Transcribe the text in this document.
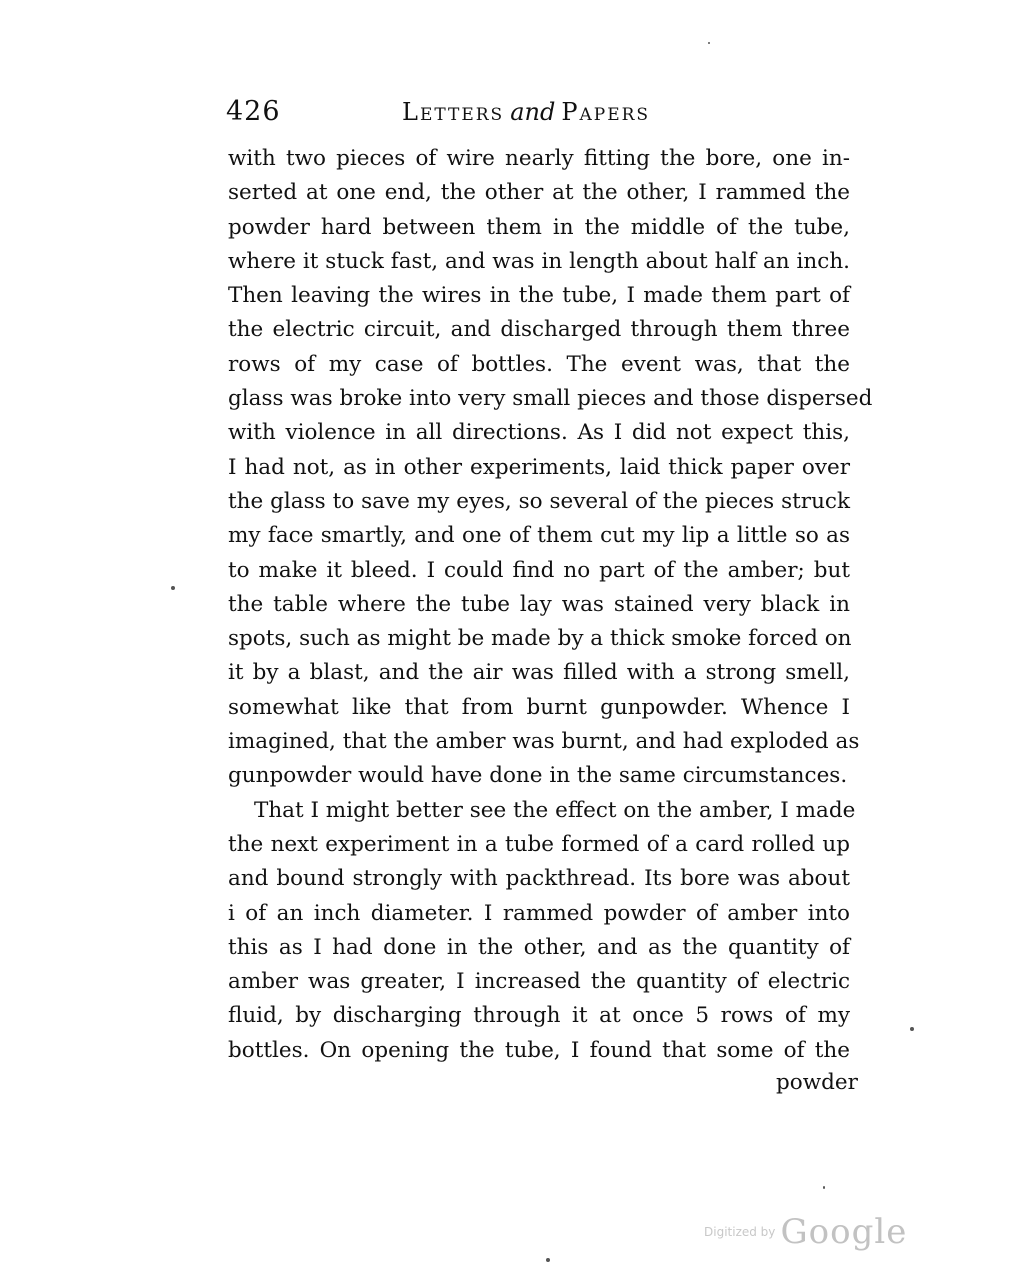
426	Letters and Papers
with two pieces of wire nearly fitting the bore, one in-
serted at one end, the other at the other, I rammed the
powder hard between them in the middle of the tube,
where it stuck fast, and was in length about half an inch.
Then leaving the wires in the tube, I made them part of
the electric circuit, and discharged through them three
rows of my case of bottles. The event was, that the
glass was broke into very small pieces and those dispersed
with violence in all directions. As I did not expect this,
I had not, as in other experiments, laid thick paper over
the glass to save my eyes, so several of the pieces struck
my face smartly, and one of them cut my lip a little so as
to make it bleed. I could find no part of the amber; but
the table where the tube lay was stained very black in
spots, such as might be made by a thick smoke forced on
it by a blast, and the air was filled with a strong smell,
somewhat like that from burnt gunpowder. Whence I
imagined, that the amber was burnt, and had exploded as
gunpowder would have done in the same circumstances.
That I might better see the effect on the amber, I made
the next experiment in a tube formed of a card rolled up
and bound strongly with packthread. Its bore was about
i of an inch diameter. I rammed powder of amber into
this as I had done in the other, and as the quantity of
amber was greater, I increased the quantity of electric
fluid, by discharging through it at once 5 rows of my
bottles. On opening the tube, I found that some of the
powder
Digitized by Google
